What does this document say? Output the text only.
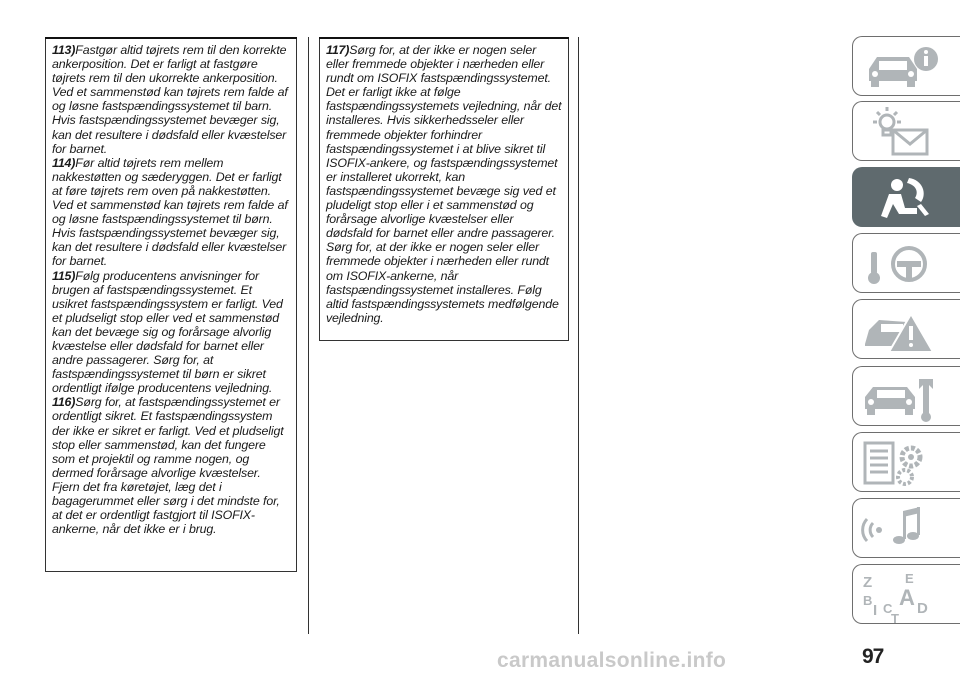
113)Fastgør altid tøjrets rem til den korrekte ankerposition. Det er farligt at fastgøre tøjrets rem til den ukorrekte ankerposition. Ved et sammenstød kan tøjrets rem falde af og løsne fastspændingssystemet til barn. Hvis fastspændingssystemet bevæger sig, kan det resultere i dødsfald eller kvæstelser for barnet.

114)Før altid tøjrets rem mellem nakkestøtten og sæderyggen. Det er farligt at føre tøjrets rem oven på nakkestøtten. Ved et sammenstød kan tøjrets rem falde af og løsne fastspændingssystemet til børn. Hvis fastspændingssystemet bevæger sig, kan det resultere i dødsfald eller kvæstelser for barnet.

115)Følg producentens anvisninger for brugen af fastspændingssystemet. Et usikret fastspændingssystem er farligt. Ved et pludseligt stop eller ved et sammenstød kan det bevæge sig og forårsage alvorlig kvæstelse eller dødsfald for barnet eller andre passagerer. Sørg for, at fastspændingssystemet til børn er sikret ordentligt ifølge producentens vejledning.

116)Sørg for, at fastspændingssystemet er ordentligt sikret. Et fastspændingssystem der ikke er sikret er farligt. Ved et pludseligt stop eller sammenstød, kan det fungere som et projektil og ramme nogen, og dermed forårsage alvorlige kvæstelser. Fjern det fra køretøjet, læg det i bagagerummet eller sørg i det mindste for, at det er ordentligt fastgjort til ISOFIX-ankerne, når det ikke er i brug.

117)Sørg for, at der ikke er nogen seler eller fremmede objekter i nærheden eller rundt om ISOFIX fastspændingssystemet. Det er farligt ikke at følge fastspændingssystemets vejledning, når det installeres. Hvis sikkerhedsseler eller fremmede objekter forhindrer fastspændingssystemet i at blive sikret til ISOFIX-ankere, og fastspændingssystemet er installeret ukorrekt, kan fastspændingssystemet bevæge sig ved et pludeligt stop eller i et sammenstød og forårsage alvorlige kvæstelser eller dødsfald for barnet eller andre passagerer. Sørg for, at der ikke er nogen seler eller fremmede objekter i nærheden eller rundt om ISOFIX-ankerne, når fastspændingssystemet installeres. Følg altid fastspændingssystemets medfølgende vejledning.

Z	E
B A
I C D
T
carmanualsonline.info	97
